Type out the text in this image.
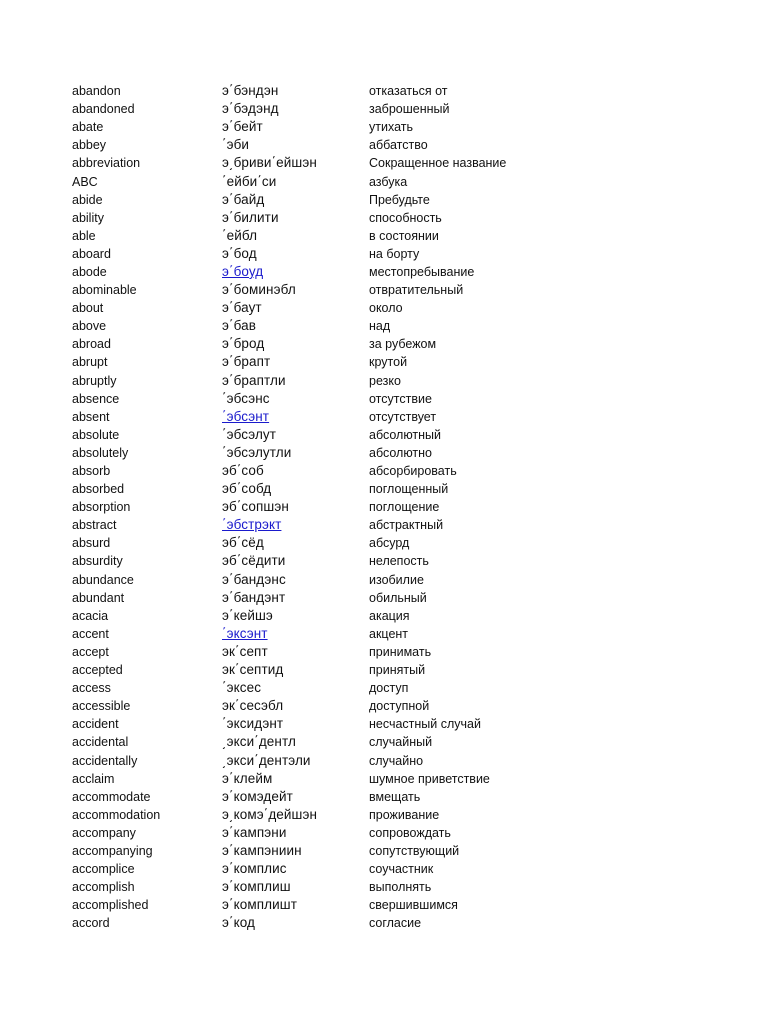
abandon	э΄бэндэн	отказаться от
abandoned	э΄бэдэнд	заброшенный
abate	э΄бейт	утихать
abbey	΄эби	аббатство
abbreviation	э͵бриви΄ейшэн	Сокращенное название
ABC	΄ейби΄си	азбука
abide	э΄байд	Пребудьте
ability	э΄билити	способность
able	΄ейбл	в состоянии
aboard	э΄бод	на борту
abode	э΄боуд	местопребывание
abominable	э΄боминэбл	отвратительный
about	э΄баут	около
above	э΄бав	над
abroad	э΄брод	за рубежом
abrupt	э΄брапт	крутой
abruptly	э΄браптли	резко
absence	΄эбсэнс	отсутствие
absent	΄эбсэнт	отсутствует
absolute	΄эбсэлут	абсолютный
absolutely	΄эбсэлутли	абсолютно
absorb	эб΄соб	абсорбировать
absorbed	эб΄собд	поглощенный
absorption	эб΄сопшэн	поглощение
abstract	΄эбстрэкт	абстрактный
absurd	эб΄сёд	абсурд
absurdity	эб΄сёдити	нелепость
abundance	э΄бандэнс	изобилие
abundant	э΄бандэнт	обильный
acacia	э΄кейшэ	акация
accent	΄эксэнт	акцент
accept	эк΄септ	принимать
accepted	эк΄септид	принятый
access	΄эксес	доступ
accessible	эк΄сесэбл	доступной
accident	΄эксидэнт	несчастный случай
accidental	͵экси΄дентл	случайный
accidentally	͵экси΄дентэли	случайно
acclaim	э΄клейм	шумное приветствие
accommodate	э΄комэдейт	вмещать
accommodation	э͵комэ΄дейшэн	проживание
accompany	э΄кампэни	сопровождать
accompanying	э΄кампэниин	сопутствующий
accomplice	э΄комплис	соучастник
accomplish	э΄комплиш	выполнять
accomplished	э΄комплишт	свершившимся
accord	э΄код	согласие
